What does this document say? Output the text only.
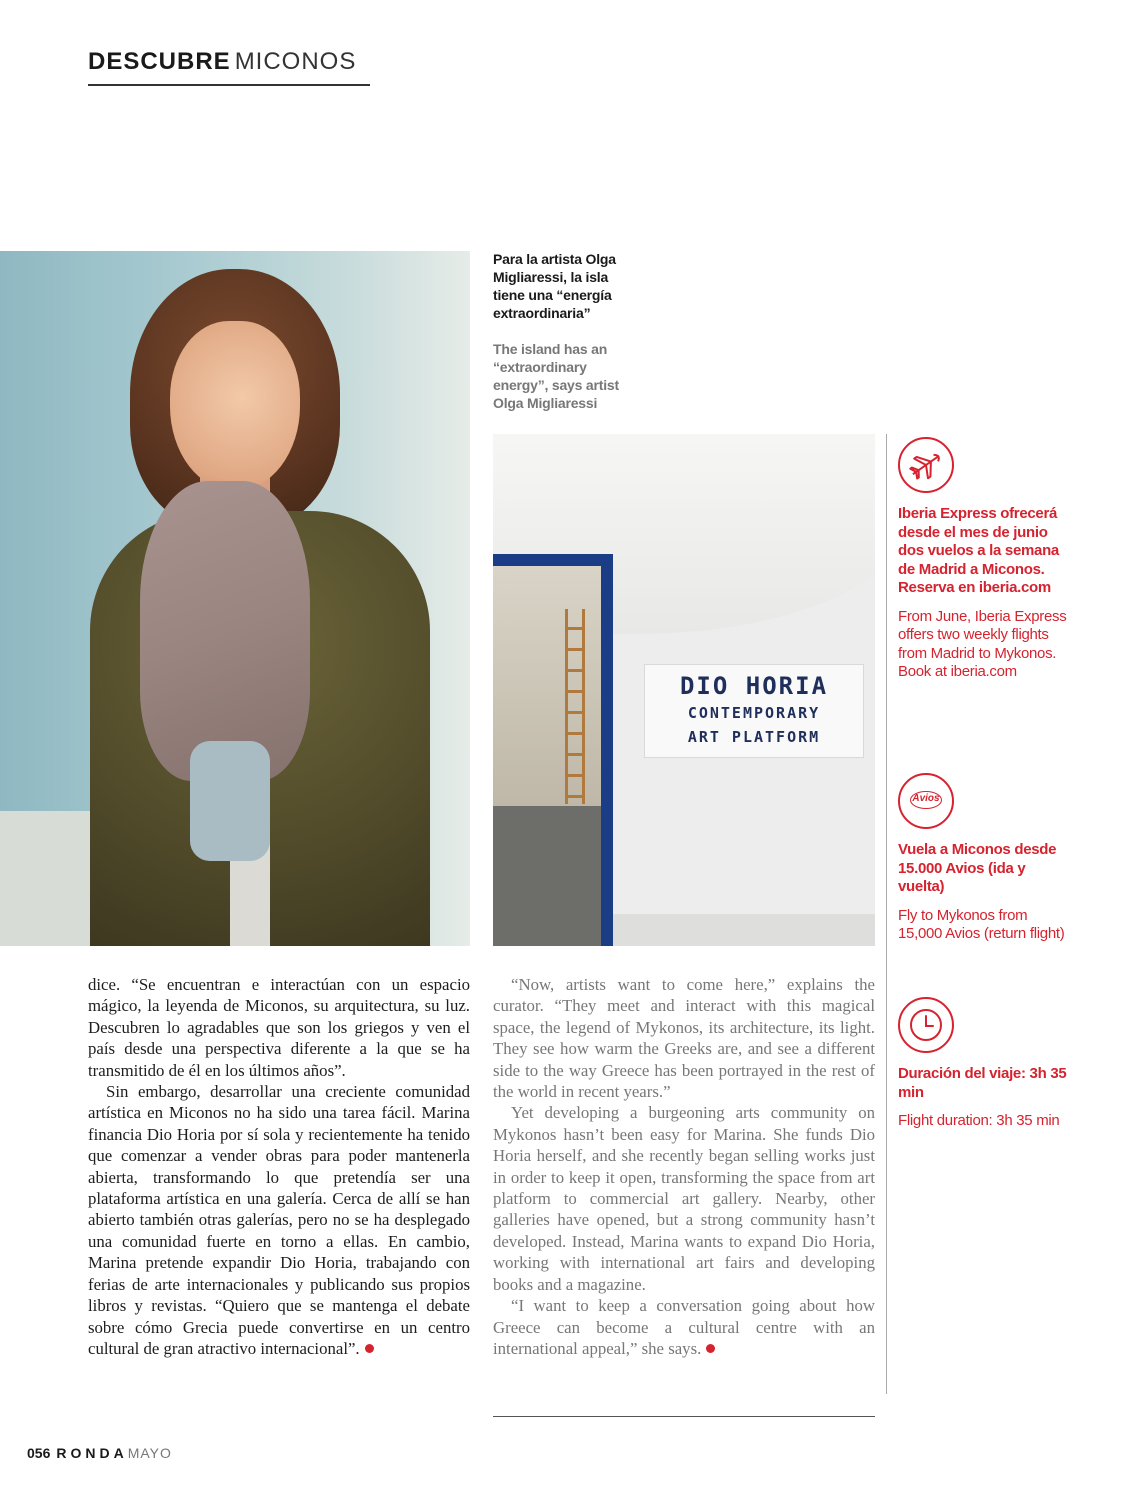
DESCUBRE MICONOS
Para la artista Olga Migliaressi, la isla tiene una “energía extraordinaria”
The island has an “extraordinary energy”, says artist Olga Migliaressi
DIO HORIA
CONTEMPORARY
ART PLATFORM

dice. “Se encuentran e interactúan con un espacio mágico, la leyenda de Miconos, su arquitectura, su luz. Descubren lo agradables que son los griegos y ven el país desde una perspectiva diferente a la que se ha transmitido de él en los últimos años”.

Sin embargo, desarrollar una creciente comunidad artística en Miconos no ha sido una tarea fácil. Marina financia Dio Horia por sí sola y recientemente ha tenido que comenzar a vender obras para poder mantenerla abierta, transformando lo que pretendía ser una plataforma artística en una galería. Cerca de allí se han abierto también otras galerías, pero no se ha desplegado una comunidad fuerte en torno a ellas. En cambio, Marina pretende expandir Dio Horia, trabajando con ferias de arte internacionales y publicando sus propios libros y revistas. “Quiero que se mantenga el debate sobre cómo Grecia puede convertirse en un centro cultural de gran atractivo internacional”.

“Now, artists want to come here,” explains the curator. “They meet and interact with this magical space, the legend of Mykonos, its architecture, its light. They see how warm the Greeks are, and see a different side to the way Greece has been portrayed in the rest of the world in recent years.”

Yet developing a burgeoning arts community on Mykonos hasn’t been easy for Marina. She funds Dio Horia herself, and she recently began selling works just in order to keep it open, transforming the space from art platform to commercial art gallery. Nearby, other galleries have opened, but a strong community hasn’t developed. Instead, Marina wants to expand Dio Horia, working with international art fairs and developing books and a magazine.

“I want to keep a conversation going about how Greece can become a cultural centre with an international appeal,” she says.

Iberia Express ofrecerá desde el mes de junio dos vuelos a la semana de Madrid a Miconos. Reserva en iberia.com
From June, Iberia Express offers two weekly flights from Madrid to Mykonos. Book at iberia.com
Avios
Vuela a Miconos desde 15.000 Avios (ida y vuelta)
Fly to Mykonos from 15,000 Avios (return flight)
Duración del viaje: 3h 35 min
Flight duration: 3h 35 min
056 RONDAMAYO
